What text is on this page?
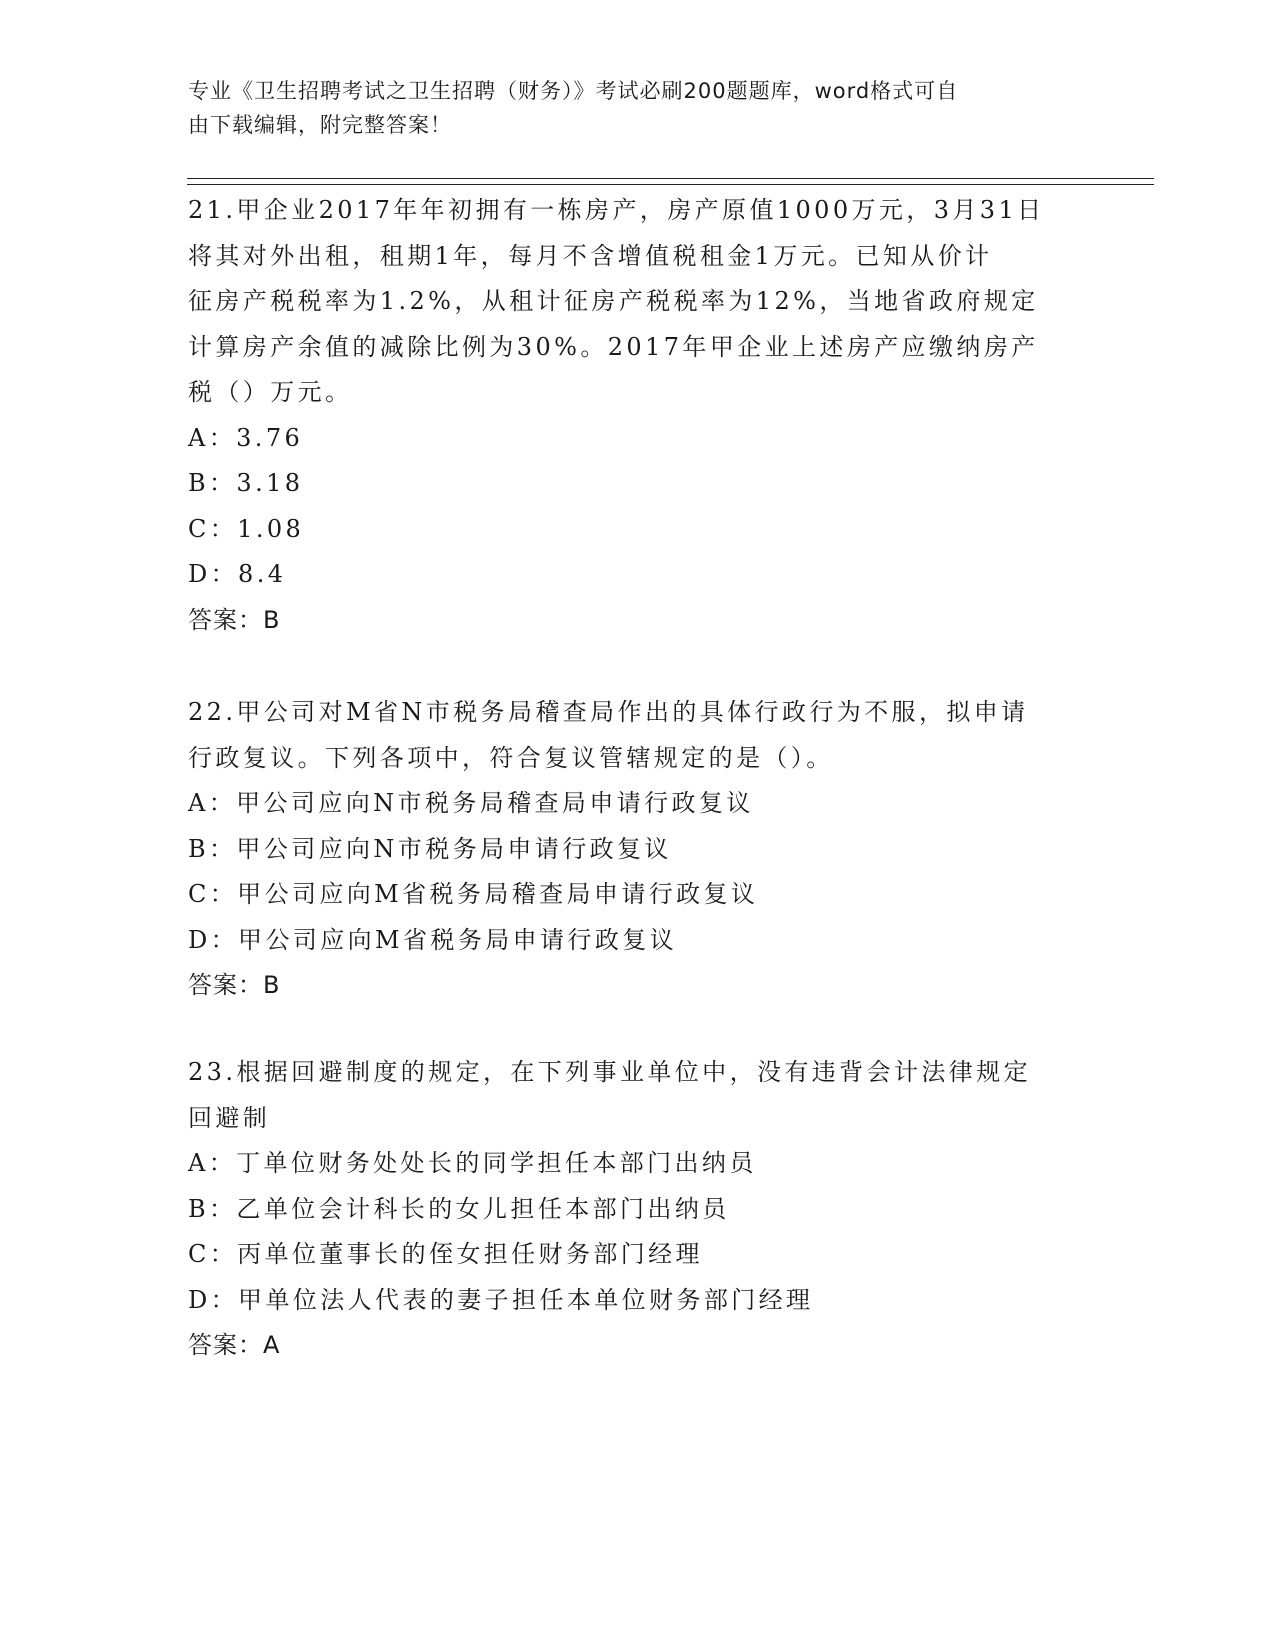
专业《卫生招聘考试之卫生招聘（财务）》考试必刷200题题库，word格式可自
由下载编辑，附完整答案！
21.甲企业2017年年初拥有一栋房产，房产原值1000万元，3月31日
将其对外出租，租期1年，每月不含增值税租金1万元。已知从价计
征房产税税率为1.2%，从租计征房产税税率为12%，当地省政府规定
计算房产余值的减除比例为30%。2017年甲企业上述房产应缴纳房产
税（）万元。
A：3.76
B：3.18
C：1.08
D：8.4
答案：B
22.甲公司对M省N市税务局稽查局作出的具体行政行为不服，拟申请
行政复议。下列各项中，符合复议管辖规定的是（）。
A：甲公司应向N市税务局稽查局申请行政复议
B：甲公司应向N市税务局申请行政复议
C：甲公司应向M省税务局稽查局申请行政复议
D：甲公司应向M省税务局申请行政复议
答案：B
23.根据回避制度的规定，在下列事业单位中，没有违背会计法律规定
回避制
A：丁单位财务处处长的同学担任本部门出纳员
B：乙单位会计科长的女儿担任本部门出纳员
C：丙单位董事长的侄女担任财务部门经理
D：甲单位法人代表的妻子担任本单位财务部门经理
答案：A
